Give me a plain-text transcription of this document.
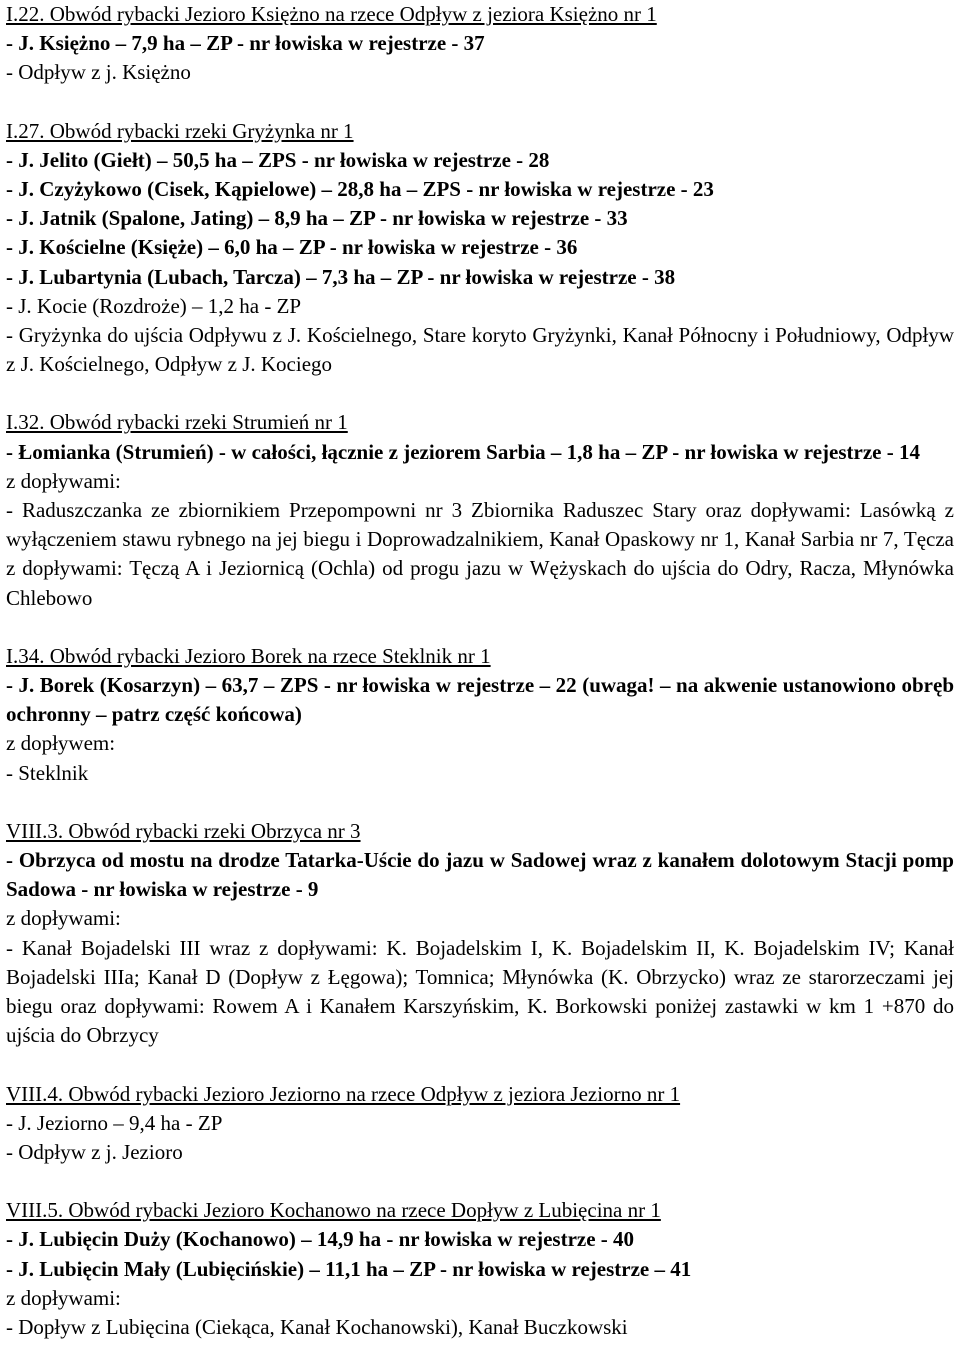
I.22. Obwód rybacki Jezioro Księżno na rzece Odpływ z jeziora Księżno nr 1
- J. Księżno – 7,9 ha – ZP - nr łowiska w rejestrze - 37
- Odpływ z j. Księżno
I.27. Obwód rybacki rzeki Gryżynka nr 1
- J. Jelito (Giełt) – 50,5 ha – ZPS - nr łowiska w rejestrze - 28
- J. Czyżykowo (Cisek, Kąpielowe) – 28,8 ha – ZPS - nr łowiska w rejestrze - 23
- J. Jatnik (Spalone, Jating) – 8,9 ha – ZP - nr łowiska w rejestrze - 33
- J. Kościelne (Księże) – 6,0 ha – ZP - nr łowiska w rejestrze - 36
- J. Lubartynia (Lubach, Tarcza) – 7,3 ha – ZP - nr łowiska w rejestrze - 38
- J. Kocie (Rozdroże) – 1,2 ha - ZP
- Gryżynka do ujścia Odpływu z J. Kościelnego, Stare koryto Gryżynki, Kanał Północny i Południowy, Odpływ z J. Kościelnego, Odpływ z J. Kociego
I.32. Obwód rybacki rzeki Strumień nr 1
- Łomianka (Strumień) - w całości, łącznie z jeziorem Sarbia – 1,8 ha – ZP - nr łowiska w rejestrze - 14
z dopływami:
- Raduszczanka ze zbiornikiem Przepompowni nr 3 Zbiornika Raduszec Stary oraz dopływami: Lasówką z wyłączeniem stawu rybnego na jej biegu i Doprowadzalnikiem, Kanał Opaskowy nr 1, Kanał Sarbia nr 7, Tęcza z dopływami: Tęczą A i Jeziornicą (Ochla) od progu jazu w Wężyskach do ujścia do Odry, Racza, Młynówka Chlebowo
I.34. Obwód rybacki Jezioro Borek na rzece Steklnik nr 1
- J. Borek (Kosarzyn) – 63,7 – ZPS - nr łowiska w rejestrze – 22 (uwaga! – na akwenie ustanowiono obręb ochronny – patrz część końcowa)
z dopływem:
- Steklnik
VIII.3. Obwód rybacki rzeki Obrzyca nr 3
- Obrzyca od mostu na drodze Tatarka-Uście do jazu w Sadowej wraz z kanałem dolotowym Stacji pomp Sadowa - nr łowiska w rejestrze - 9
z dopływami:
- Kanał Bojadelski III wraz z dopływami: K. Bojadelskim I, K. Bojadelskim II, K. Bojadelskim IV; Kanał Bojadelski IIIa; Kanał D (Dopływ z Łęgowa); Tomnica; Młynówka (K. Obrzycko) wraz ze starorzeczami jej biegu oraz dopływami: Rowem A i Kanałem Karszyńskim, K. Borkowski poniżej zastawki w km 1 +870 do ujścia do Obrzycy
VIII.4. Obwód rybacki Jezioro Jeziorno na rzece Odpływ z jeziora Jeziorno nr 1
- J. Jeziorno – 9,4 ha - ZP
- Odpływ z j. Jezioro
VIII.5. Obwód rybacki Jezioro Kochanowo na rzece Dopływ z Lubięcina nr 1
- J. Lubięcin Duży (Kochanowo) – 14,9 ha - nr łowiska w rejestrze - 40
- J. Lubięcin Mały (Lubięcińskie) – 11,1 ha – ZP - nr łowiska w rejestrze – 41
z dopływami:
- Dopływ z Lubięcina (Ciekąca, Kanał Kochanowski), Kanał Buczkowski
